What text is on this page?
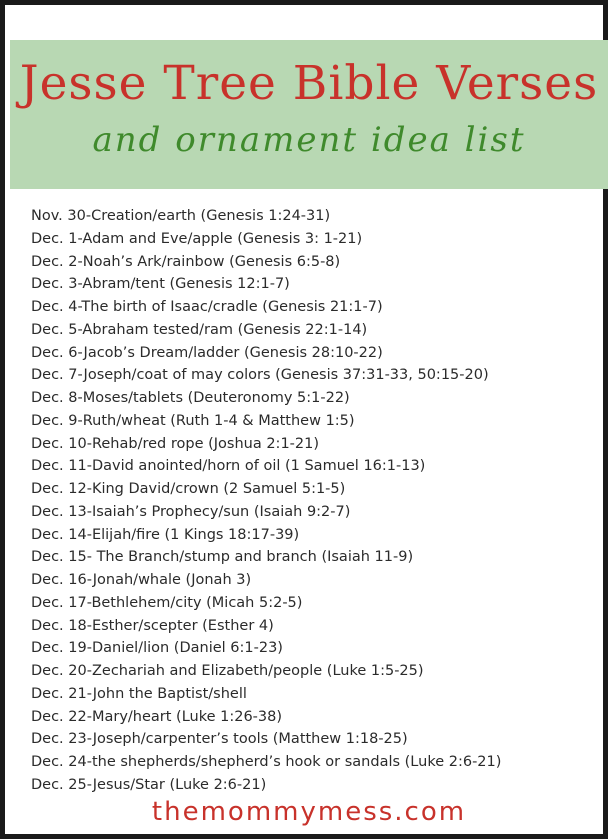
Jesse Tree Bible Verses
and ornament idea list
Nov. 30-Creation/earth (Genesis 1:24-31)
Dec. 1-Adam and Eve/apple (Genesis 3: 1-21)
Dec. 2-Noah’s Ark/rainbow (Genesis 6:5-8)
Dec. 3-Abram/tent (Genesis 12:1-7)
Dec. 4-The birth of Isaac/cradle (Genesis 21:1-7)
Dec. 5-Abraham tested/ram (Genesis 22:1-14)
Dec. 6-Jacob’s Dream/ladder (Genesis 28:10-22)
Dec. 7-Joseph/coat of may colors (Genesis 37:31-33, 50:15-20)
Dec. 8-Moses/tablets (Deuteronomy 5:1-22)
Dec. 9-Ruth/wheat (Ruth 1-4 & Matthew 1:5)
Dec. 10-Rehab/red rope (Joshua 2:1-21)
Dec. 11-David anointed/horn of oil (1 Samuel 16:1-13)
Dec. 12-King David/crown (2 Samuel 5:1-5)
Dec. 13-Isaiah’s Prophecy/sun (Isaiah 9:2-7)
Dec. 14-Elijah/fire (1 Kings 18:17-39)
Dec. 15- The Branch/stump and branch (Isaiah 11-9)
Dec. 16-Jonah/whale (Jonah 3)
Dec. 17-Bethlehem/city (Micah 5:2-5)
Dec. 18-Esther/scepter (Esther 4)
Dec. 19-Daniel/lion (Daniel 6:1-23)
Dec. 20-Zechariah and Elizabeth/people (Luke 1:5-25)
Dec. 21-John the Baptist/shell
Dec. 22-Mary/heart (Luke 1:26-38)
Dec. 23-Joseph/carpenter’s tools (Matthew 1:18-25)
Dec. 24-the shepherds/shepherd’s hook or sandals (Luke 2:6-21)
Dec. 25-Jesus/Star (Luke 2:6-21)
themommymess.com
